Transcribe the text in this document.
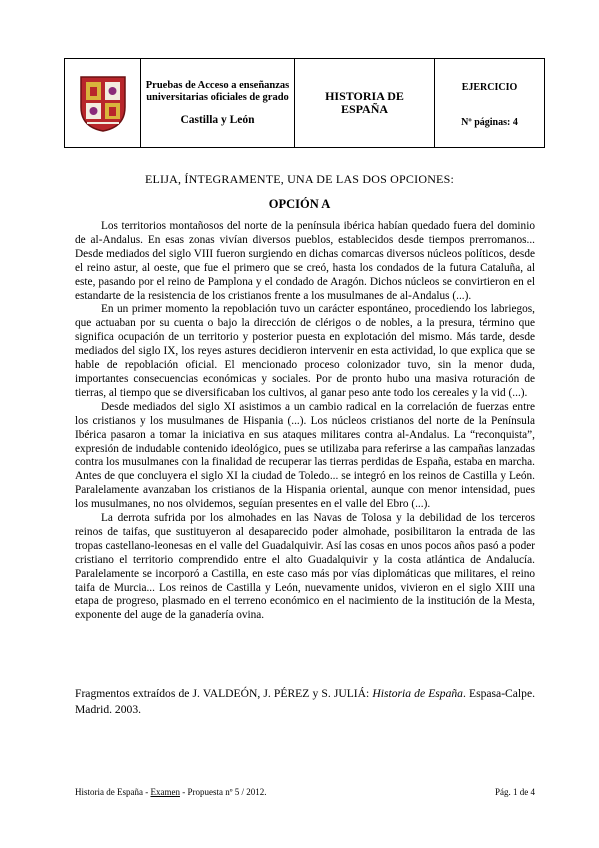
Pruebas de Acceso a enseñanzas
universitarias oficiales de grado
Castilla y León
HISTORIA DE
ESPAÑA
EJERCICIO
Nº páginas: 4
ELIJA, ÍNTEGRAMENTE, UNA DE LAS DOS OPCIONES:
OPCIÓN A

Los territorios montañosos del norte de la península ibérica habían quedado fuera del dominio de al-Andalus. En esas zonas vivían diversos pueblos, establecidos desde tiempos prerromanos... Desde mediados del siglo VIII fueron surgiendo en dichas comarcas diversos núcleos políticos, desde el reino astur, al oeste, que fue el primero que se creó, hasta los condados de la futura Cataluña, al este, pasando por el reino de Pamplona y el condado de Aragón. Dichos núcleos se convirtieron en el estandarte de la resistencia de los cristianos frente a los musulmanes de al-Andalus (...).

En un primer momento la repoblación tuvo un carácter espontáneo, procediendo los labriegos, que actuaban por su cuenta o bajo la dirección de clérigos o de nobles, a la presura, término que significa ocupación de un territorio y posterior puesta en explotación del mismo. Más tarde, desde mediados del siglo IX, los reyes astures decidieron intervenir en esta actividad, lo que explica que se hable de repoblación oficial. El mencionado proceso colonizador tuvo, sin la menor duda, importantes consecuencias económicas y sociales. Por de pronto hubo una masiva roturación de tierras, al tiempo que se diversificaban los cultivos, al ganar peso ante todo los cereales y la vid (...).

Desde mediados del siglo XI asistimos a un cambio radical en la correlación de fuerzas entre los cristianos y los musulmanes de Hispania (...). Los núcleos cristianos del norte de la Península Ibérica pasaron a tomar la iniciativa en sus ataques militares contra al-Andalus. La “reconquista”, expresión de indudable contenido ideológico, pues se utilizaba para referirse a las campañas lanzadas contra los musulmanes con la finalidad de recuperar las tierras perdidas de España, estaba en marcha. Antes de que concluyera el siglo XI la ciudad de Toledo... se integró en los reinos de Castilla y León. Paralelamente avanzaban los cristianos de la Hispania oriental, aunque con menor intensidad, pues los musulmanes, no nos olvidemos, seguían presentes en el valle del Ebro (...).

La derrota sufrida por los almohades en las Navas de Tolosa y la debilidad de los terceros reinos de taifas, que sustituyeron al desaparecido poder almohade, posibilitaron la entrada de las tropas castellano-leonesas en el valle del Guadalquivir. Así las cosas en unos pocos años pasó a poder cristiano el territorio comprendido entre el alto Guadalquivir y la costa atlántica de Andalucía. Paralelamente se incorporó a Castilla, en este caso más por vías diplomáticas que militares, el reino taifa de Murcia... Los reinos de Castilla y León, nuevamente unidos, vivieron en el siglo XIII una etapa de progreso, plasmado en el terreno económico en el nacimiento de la institución de la Mesta, exponente del auge de la ganadería ovina.

Fragmentos extraídos de J. VALDEÓN, J. PÉREZ y S. JULIÁ: Historia de España. Espasa-Calpe. Madrid. 2003.
Historia de España - Examen - Propuesta nº 5 / 2012.	Pág. 1 de 4
